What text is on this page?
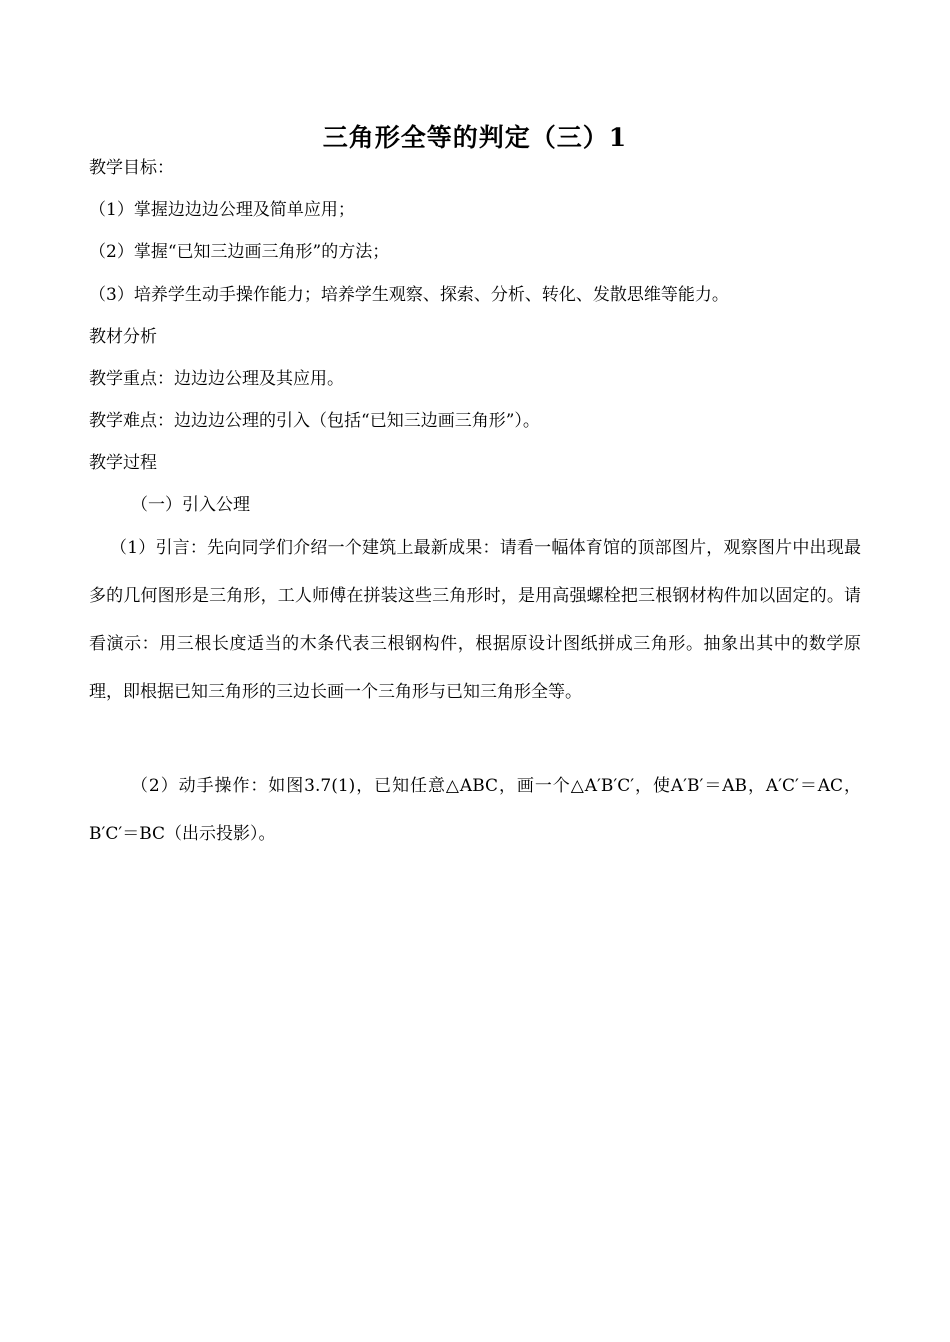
三角形全等的判定（三）1
教学目标：
（1）掌握边边边公理及简单应用；
（2）掌握“已知三边画三角形”的方法；
（3）培养学生动手操作能力；培养学生观察、探索、分析、转化、发散思维等能力。
教材分析
教学重点：边边边公理及其应用。
教学难点：边边边公理的引入（包括“已知三边画三角形”）。
教学过程
（一）引入公理
（1）引言：先向同学们介绍一个建筑上最新成果：请看一幅体育馆的顶部图片，观察图片中出现最多的几何图形是三角形，工人师傅在拼装这些三角形时，是用高强螺栓把三根钢材构件加以固定的。请看演示：用三根长度适当的木条代表三根钢构件，根据原设计图纸拼成三角形。抽象出其中的数学原理，即根据已知三角形的三边长画一个三角形与已知三角形全等。
（2）动手操作：如图3.7(1)，已知任意△ABC，画一个△A′B′C′，使A′B′＝AB，A′C′＝AC，B′C′＝BC（出示投影）。
